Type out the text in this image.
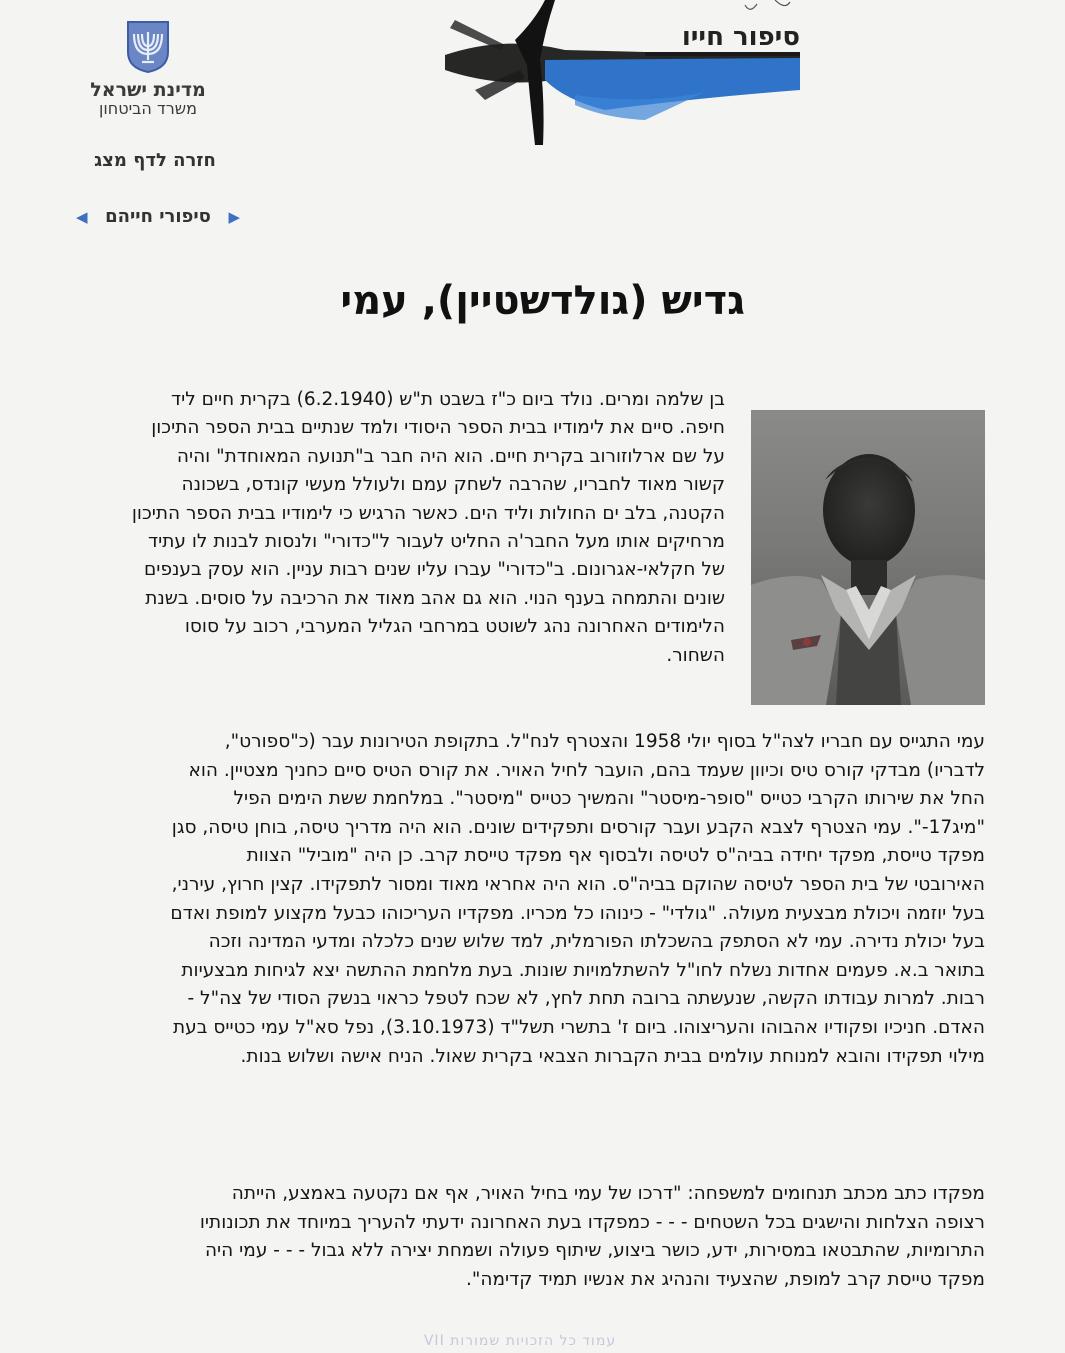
מדינת ישראל
משרד הביטחון
חזרה לדף מצג
▶
סיפורי חייהם
◀
סיפור חייו
גדיש (גולדשטיין), עמי
בן שלמה ומרים. נולד ביום כ"ז בשבט ת"ש (6.2.1940) בקרית חיים ליד חיפה. סיים את לימודיו בבית הספר היסודי ולמד שנתיים בבית הספר התיכון על שם ארלוזורוב בקרית חיים. הוא היה חבר ב"תנועה המאוחדת" והיה קשור מאוד לחבריו, שהרבה לשחק עמם ולעולל מעשי קונדס, בשכונה הקטנה, בלב ים החולות וליד הים. כאשר הרגיש כי לימודיו בבית הספר התיכון מרחיקים אותו מעל החבר'ה החליט לעבור ל"כדורי" ולנסות לבנות לו עתיד של חקלאי-אגרונום. ב"כדורי" עברו עליו שנים רבות עניין. הוא עסק בענפים שונים והתמחה בענף הנוי. הוא גם אהב מאוד את הרכיבה על סוסים. בשנת הלימודים האחרונה נהג לשוטט במרחבי הגליל המערבי, רכוב על סוסו השחור.
עמי התגייס עם חבריו לצה"ל בסוף יולי 1958 והצטרף לנח"ל. בתקופת הטירונות עבר (כ"ספורט", לדבריו) מבדקי קורס טיס וכיוון שעמד בהם, הועבר לחיל האויר. את קורס הטיס סיים כחניך מצטיין. הוא החל את שירותו הקרבי כטייס "סופר-מיסטר" והמשיך כטייס "מיסטר". במלחמת ששת הימים הפיל "מיג17-". עמי הצטרף לצבא הקבע ועבר קורסים ותפקידים שונים. הוא היה מדריך טיסה, בוחן טיסה, סגן מפקד טייסת, מפקד יחידה בביה"ס לטיסה ולבסוף אף מפקד טייסת קרב. כן היה "מוביל" הצוות האירובטי של בית הספר לטיסה שהוקם בביה"ס. הוא היה אחראי מאוד ומסור לתפקידו. קצין חרוץ, עירני, בעל יוזמה ויכולת מבצעית מעולה. "גולדי" - כינוהו כל מכריו. מפקדיו העריכוהו כבעל מקצוע למופת ואדם בעל יכולת נדירה. עמי לא הסתפק בהשכלתו הפורמלית, למד שלוש שנים כלכלה ומדעי המדינה וזכה בתואר ב.א. פעמים אחדות נשלח לחו"ל להשתלמויות שונות. בעת מלחמת ההתשה יצא לגיחות מבצעיות רבות. למרות עבודתו הקשה, שנעשתה ברובה תחת לחץ, לא שכח לטפל כראוי בנשק הסודי של צה"ל - האדם. חניכיו ופקודיו אהבוהו והעריצוהו. ביום ז' בתשרי תשל"ד (3.10.1973), נפל סא"ל עמי כטייס בעת מילוי תפקידו והובא למנוחת עולמים בבית הקברות הצבאי בקרית שאול. הניח אישה ושלוש בנות.
מפקדו כתב מכתב תנחומים למשפחה: "דרכו של עמי בחיל האויר, אף אם נקטעה באמצע, הייתה רצופה הצלחות והישגים בכל השטחים - - - כמפקדו בעת האחרונה ידעתי להעריך במיוחד את תכונותיו התרומיות, שהתבטאו במסירות, ידע, כושר ביצוע, שיתוף פעולה ושמחת יצירה ללא גבול - - - עמי היה מפקד טייסת קרב למופת, שהצעיד והנהיג את אנשיו תמיד קדימה".
VII עמוד כל הזכויות שמורות
